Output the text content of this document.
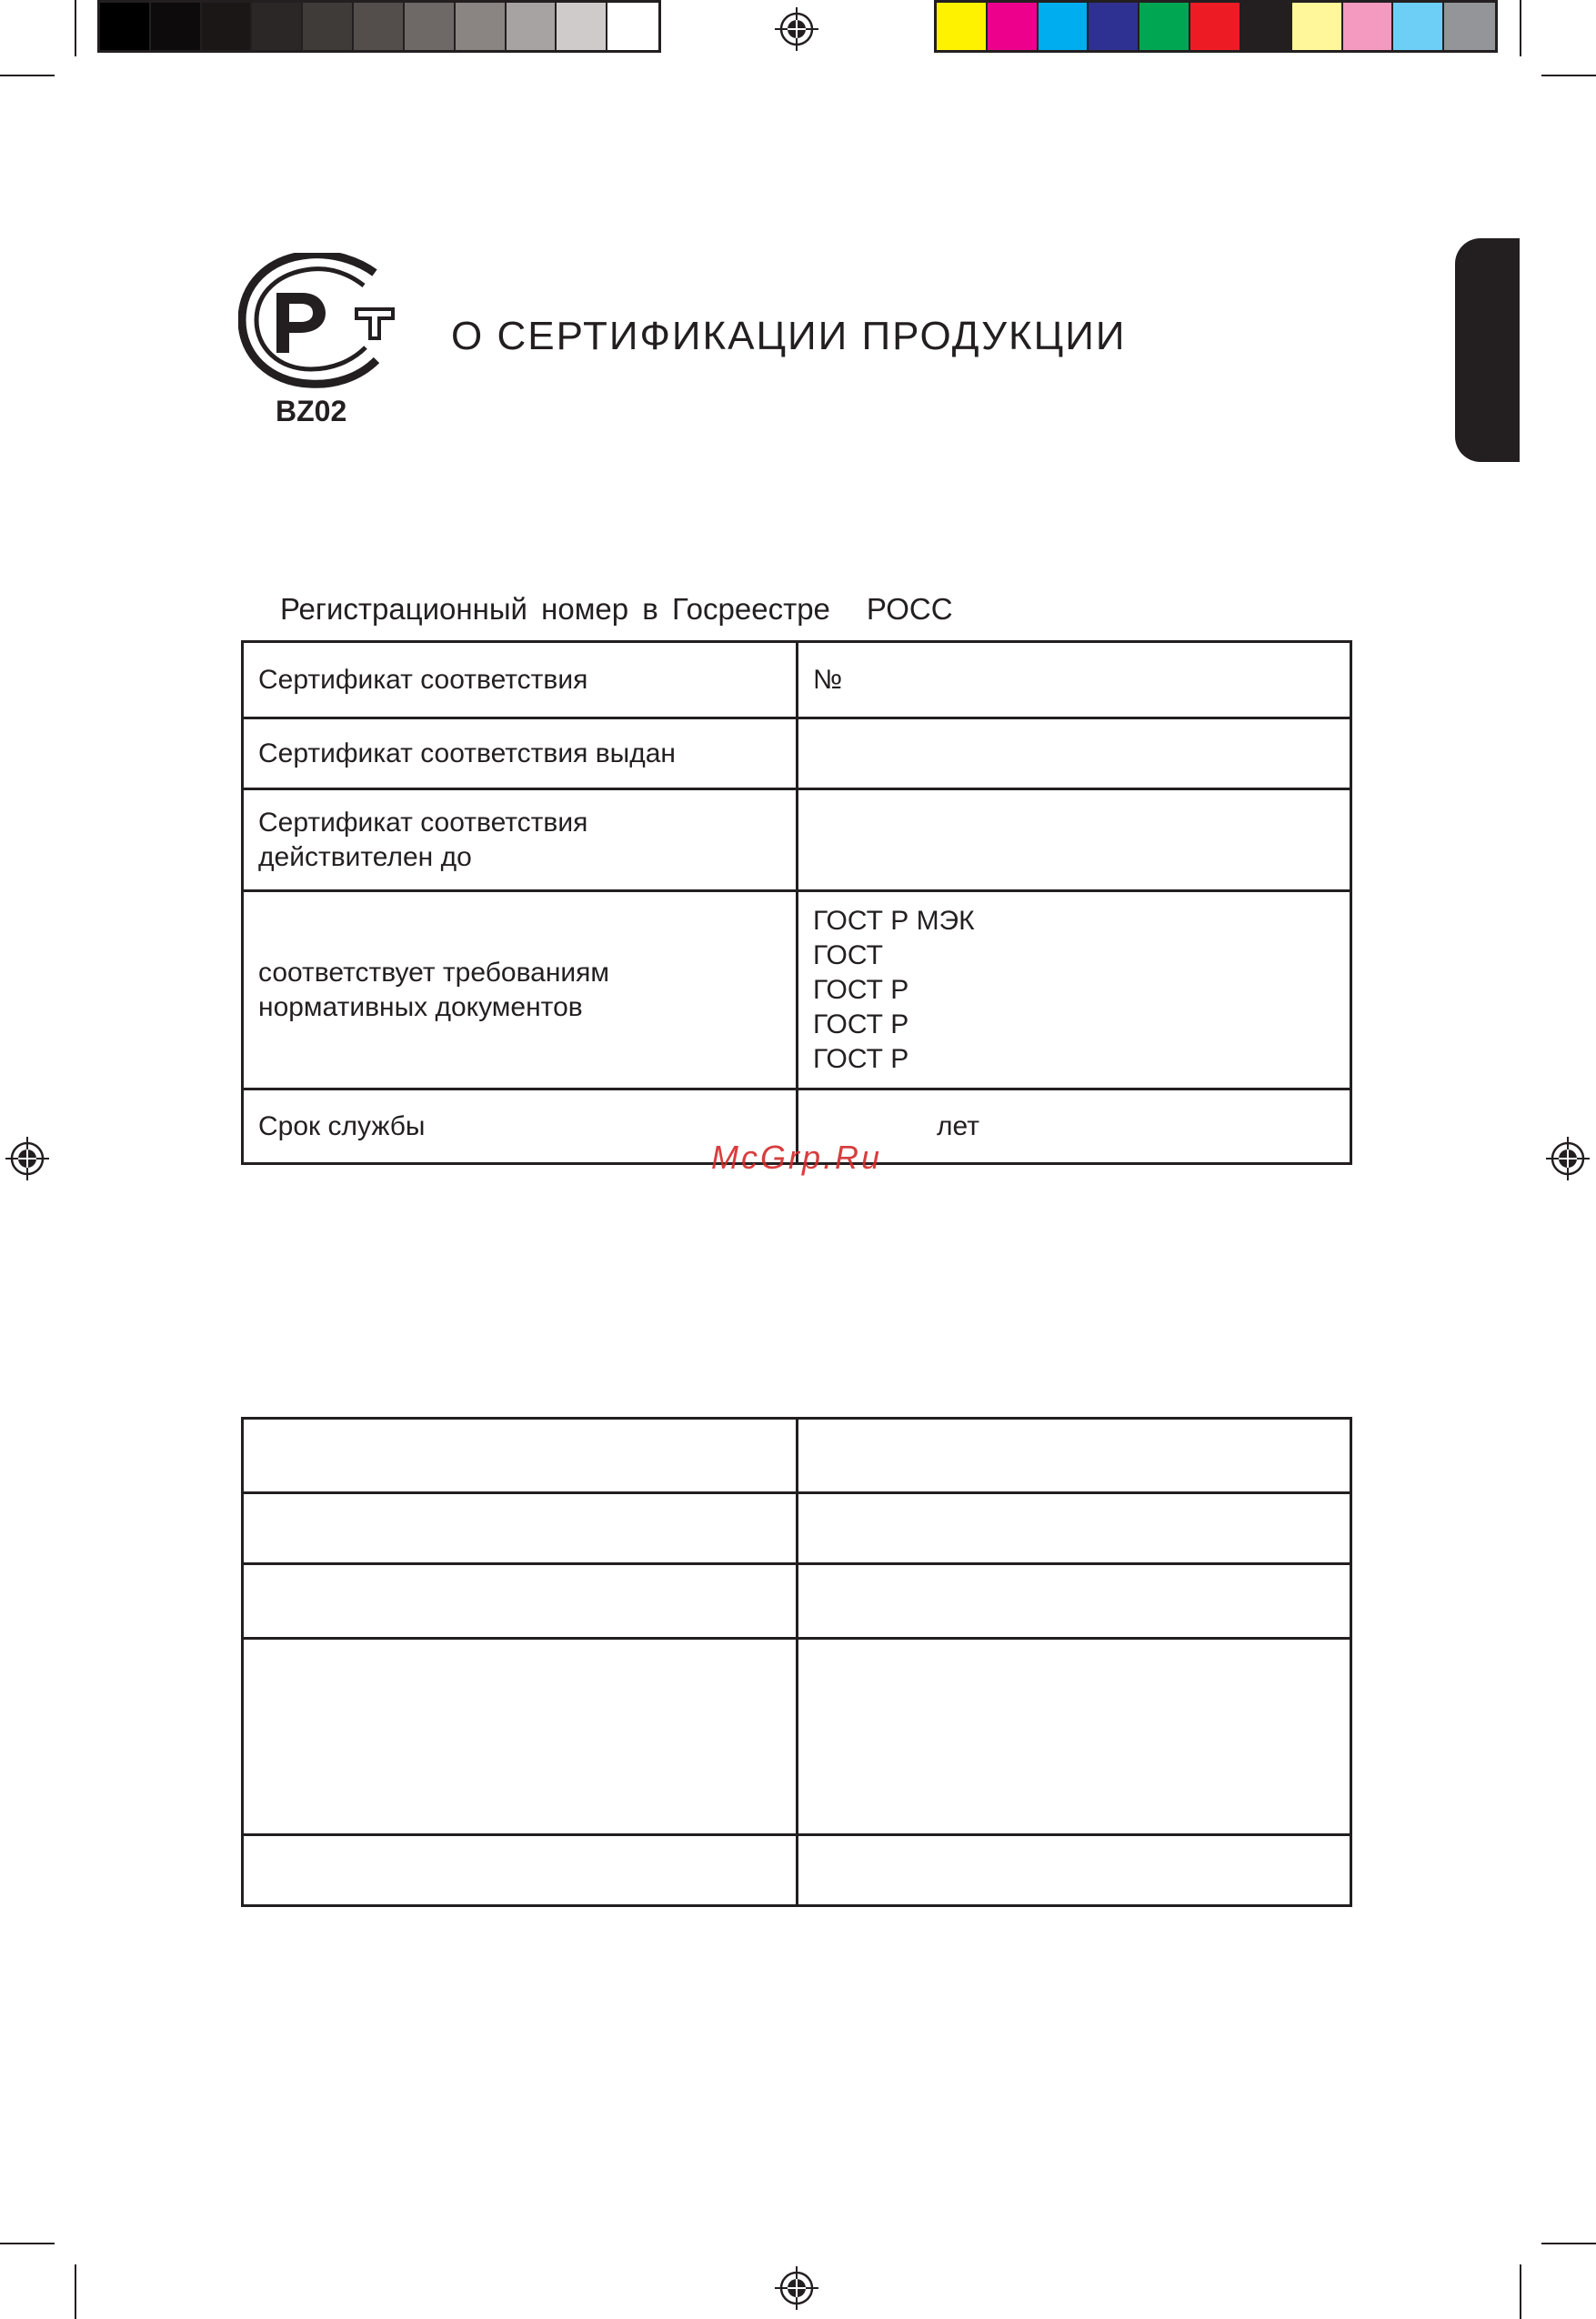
BZ02
О СЕРТИФИКАЦИИ ПРОДУКЦИИ
Регистрационный номер в Госреестре РОСС
Сертификат соответствия	№
Сертификат соответствия выдан	

Сертификат соответствия
действителен до	

соответствует требованиям
нормативных документов	ГОСТ Р МЭК
ГОСТ
ГОСТ Р
ГОСТ Р
ГОСТ Р

Срок службы	лет
McGrp.Ru
